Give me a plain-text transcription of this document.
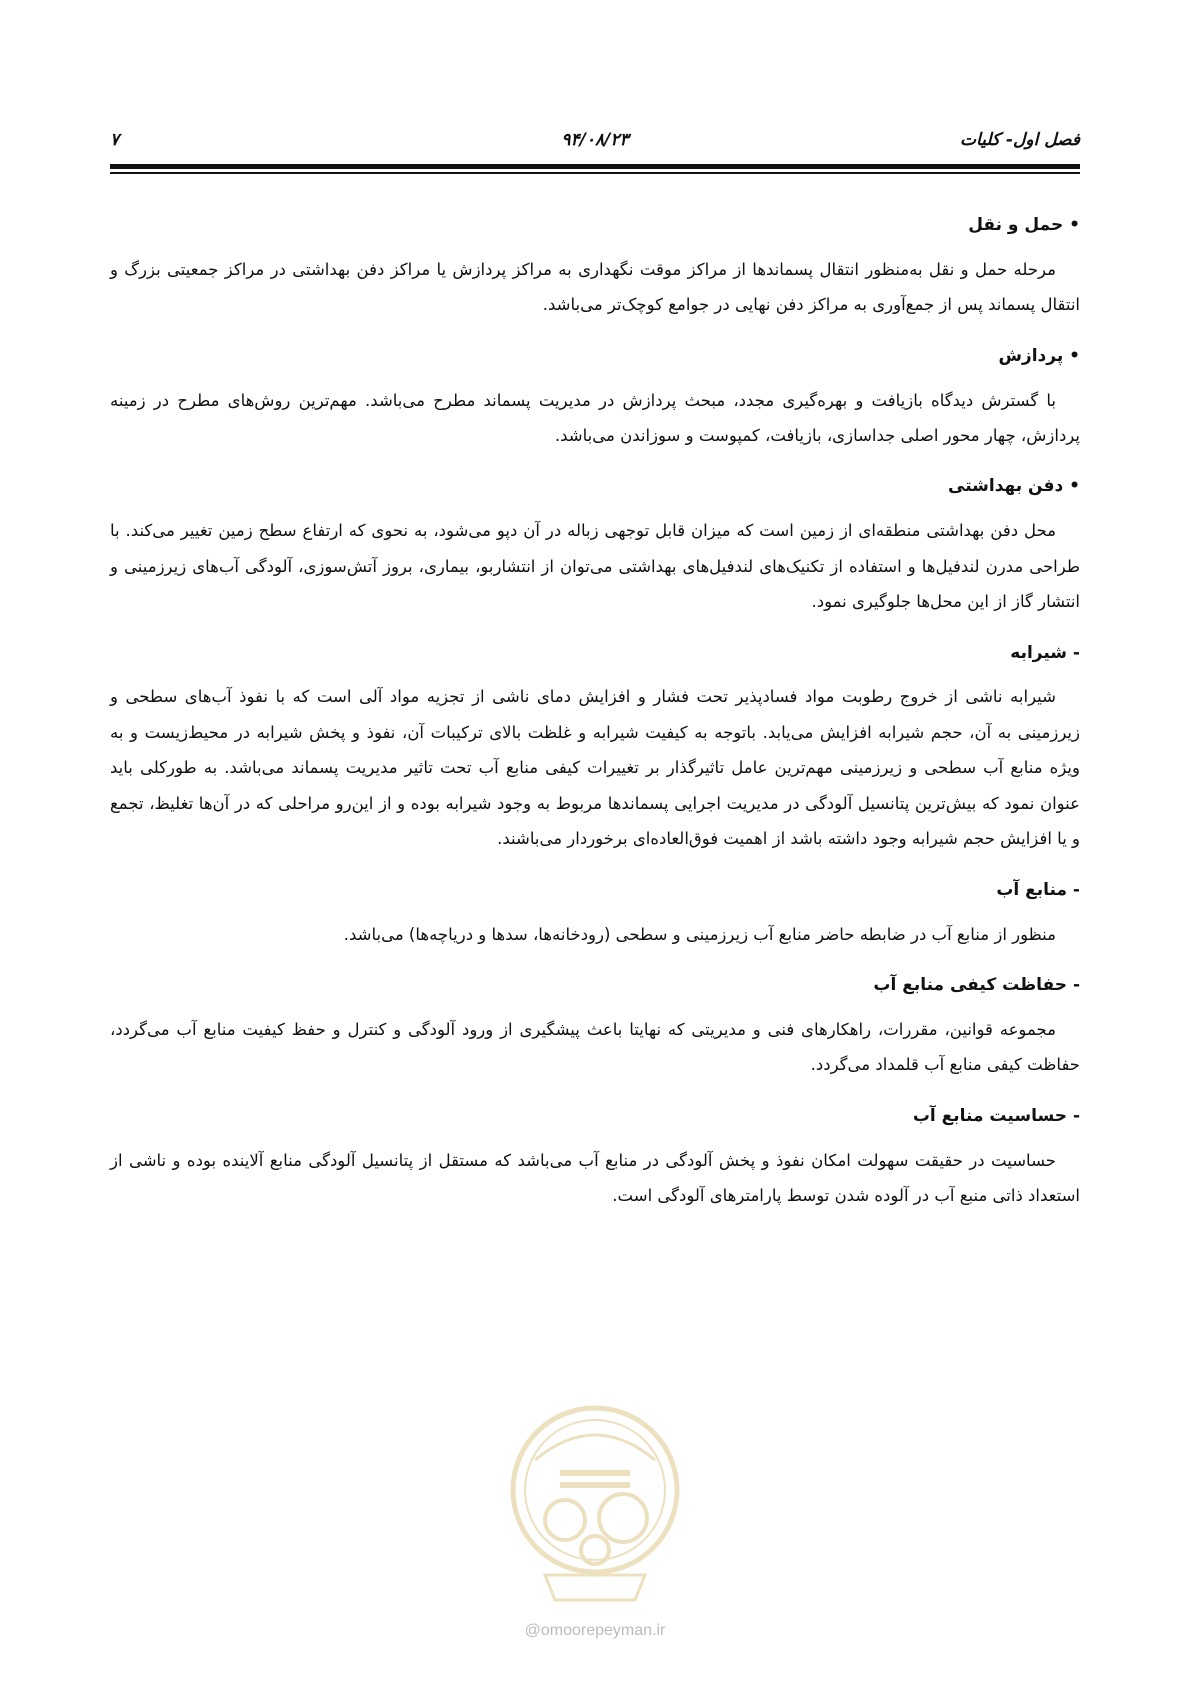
فصل اول- کلیات
۹۴/۰۸/۲۳
۷
• حمل و نقل

مرحله حمل و نقل به‌منظور انتقال پسماندها از مراکز موقت نگهداری به مراکز پردازش یا مراکز دفن بهداشتی در مراکز جمعیتی بزرگ و انتقال پسماند پس از جمع‌آوری به مراکز دفن نهایی در جوامع کوچک‌تر می‌باشد.

• پردازش

با گسترش دیدگاه بازیافت و بهره‌گیری مجدد، مبحث پردازش در مدیریت پسماند مطرح می‌باشد. مهم‌ترین روش‌های مطرح در زمینه پردازش، چهار محور اصلی جداسازی، بازیافت، کمپوست و سوزاندن می‌باشد.

• دفن بهداشتی

محل دفن بهداشتی منطقه‌ای از زمین است که میزان قابل توجهی زباله در آن دپو می‌شود، به نحوی که ارتفاع سطح زمین تغییر می‌کند. با طراحی مدرن لندفیل‌ها و استفاده از تکنیک‌های لندفیل‌های بهداشتی می‌توان از انتشاربو، بیماری، بروز آتش‌سوزی، آلودگی آب‌های زیرزمینی و انتشار گاز از این محل‌ها جلوگیری نمود.

- شیرابه

شیرابه ناشی از خروج رطوبت مواد فسادپذیر تحت فشار و افزایش دمای ناشی از تجزیه مواد آلی است که با نفوذ آب‌های سطحی و زیرزمینی به آن، حجم شیرابه افزایش می‌یابد. باتوجه به کیفیت شیرابه و غلظت بالای ترکیبات آن، نفوذ و پخش شیرابه در محیط‌زیست و به ویژه منابع آب سطحی و زیرزمینی مهم‌ترین عامل تاثیرگذار بر تغییرات کیفی منابع آب تحت تاثیر مدیریت پسماند می‌باشد. به طورکلی باید عنوان نمود که بیش‌ترین پتانسیل آلودگی در مدیریت اجرایی پسماندها مربوط به وجود شیرابه بوده و از این‌رو مراحلی که در آن‌ها تغلیظ، تجمع و یا افزایش حجم شیرابه وجود داشته باشد از اهمیت فوق‌العاده‌ای برخوردار می‌باشند.

- منابع آب

منظور از منابع آب در ضابطه حاضر منابع آب زیرزمینی و سطحی (رودخانه‌ها، سدها و دریاچه‌ها) می‌باشد.

- حفاظت کیفی منابع آب

مجموعه قوانین، مقررات، راهکارهای فنی و مدیریتی که نهایتا باعث پیشگیری از ورود آلودگی و کنترل و حفظ کیفیت منابع آب می‌گردد، حفاظت کیفی منابع آب قلمداد می‌گردد.

- حساسیت منابع آب

حساسیت در حقیقت سهولت امکان نفوذ و پخش آلودگی در منابع آب می‌باشد که مستقل از پتانسیل آلودگی منابع آلاینده بوده و ناشی از استعداد ذاتی منبع آب در آلوده شدن توسط پارامترهای آلودگی است.

@omoorepeyman.ir
